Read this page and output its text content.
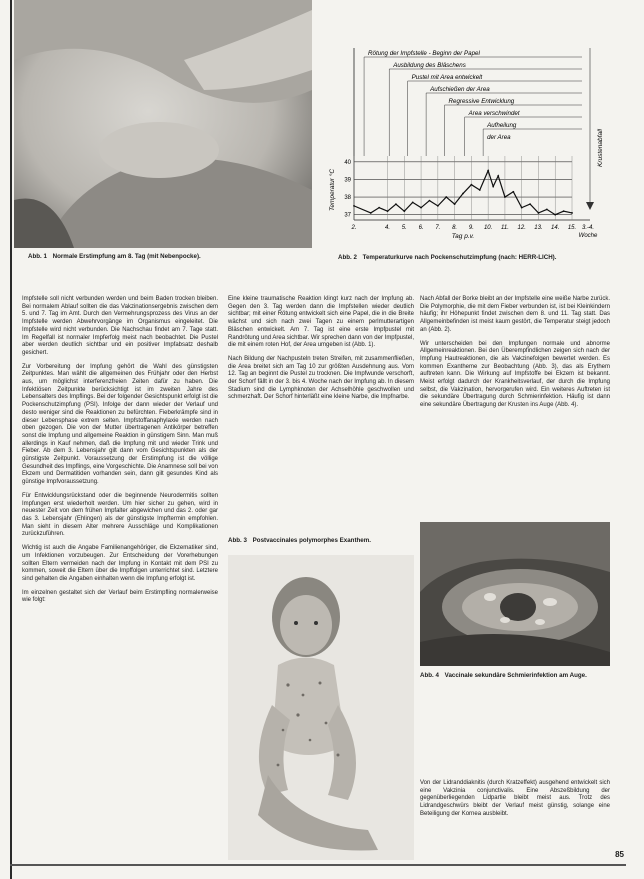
Abb. 1 Normale Erstimpfung am 8. Tag (mit Nebenpocke).
37
38
39
40
2.	4. 5. 6. 7. 8. 9. 10. 11. 12. 13. 14. 15. 3.-4.
Woche
Tag p.v.
Temperatur °C
Rötung der Impfstelle - Beginn der Papel
Ausbildung des Bläschens
Pustel mit Area entwickelt
Aufschießen der Area
Regressive Entwicklung
Area verschwindet
Aufheilung
der Area	Krustenabfall
Abb. 2 Temperaturkurve nach Pockenschutzimpfung (nach: HERR-LICH).

Impfstelle soll nicht verbunden werden und beim Baden trocken bleiben. Bei normalem Ablauf sollten die das Vakzinationsergebnis zwischen dem 5. und 7. Tag im Amt. Durch den Vermehrungsprozess des Virus an der Impfstelle werden Abwehrvorgänge im Organismus eingeleitet. Die Impfstelle wird nicht verbunden. Die Nachschau findet am 7. Tage statt. Im Regelfall ist normaler Impferfolg meist nach beobachtet. Die Pustel aber werden deutlich sichtbar und ein positiver Impfabsatz deshalb gesichert.

Zur Vorbereitung der Impfung gehört die Wahl des günstigsten Zeitpunktes. Man wählt die allgemeinen des Frühjahr oder den Herbst aus, um möglichst interferenzfreien Zeiten dafür zu haben. Die Infektiösen Zeitpunkte berücksichtigt ist im zweiten Jahre des Lebensalters des Impflings. Bei der folgender Gesichtspunkt erfolgt ist die Pockenschutzimpfung (PSI). Infolge der dann wieder der Verlauf und desto weniger sind die Reaktionen zu befürchten. Fieberkrämpfe sind in dieser Lebensphase extrem selten. Impfstoffanaphylaxie werden nach oben gezogen. Die von der Mutter übertragenen Antikörper betreffen sonst die Impfung und allgemeine Reaktion in günstigem Sinn. Man muß allerdings in Kauf nehmen, daß die Impfung mit und wieder Trink und Fieber. Ab dem 3. Lebensjahr gilt dann vom Gesichtspunkten als der günstigste Zeitpunkt. Voraussetzung der Erstimpfung ist die völlige Gesundheit des Impflings, eine Vorgeschichte. Die Anamnese soll bei von Ekzem und Dermatitiden vorhanden sein, dann gilt gesundes Kind als günstige Impfvoraussetzung.

Für Entwicklungsrückstand oder die beginnende Neurodermitis sollten Impfungen erst wiederholt werden. Um hier sicher zu gehen, wird in neuester Zeit von dem frühen Impfalter abgewichen und das 2. oder gar das 3. Lebensjahr (Ehlingen) als der günstigste Impftermin empfohlen. Man sieht in diesem Alter mehrere Ausschläge und Komplikationen zurückzuführen.

Wichtig ist auch die Angabe Familienangehöriger, die Ekzematiker sind, um Infektionen vorzubeugen. Zur Entscheidung der Vorerhebungen sollten Eltern vermeiden nach der Impfung in Kontakt mit dem PSI zu kommen, soweit die Eltern über die Impffolgen unterrichtet sind. Letztere sind gehalten die Angaben einhalten wenn die Impfung erfolgt ist.

Im einzelnen gestaltet sich der Verlauf beim Erstimpfling normalerweise wie folgt:

Eine kleine traumatische Reaktion klingt kurz nach der Impfung ab. Gegen den 3. Tag werden dann die Impfstellen wieder deutlich sichtbar; mit einer Rötung entwickelt sich eine Papel, die in die Breite wächst und sich nach zwei Tagen zu einem perlmutterartigen Bläschen entwickelt. Am 7. Tag ist eine erste Impfpustel mit Randrötung und Area sichtbar. Wir sprechen dann von der Impfpustel, die mit einem roten Hof, der Area umgeben ist (Abb. 1).

Nach Bildung der Nachpusteln treten Streifen, mit zusammenfließen, die Area breitet sich am Tag 10 zur größten Ausdehnung aus. Vom 12. Tag an beginnt die Pustel zu trocknen. Die Impfwunde verschorft, der Schorf fällt in der 3. bis 4. Woche nach der Impfung ab. In diesem Stadium sind die Lymphknoten der Achselhöhle geschwollen und schmerzhaft. Der Schorf hinterläßt eine kleine Narbe, die Impfnarbe.

Nach Abfall der Borke bleibt an der Impfstelle eine weiße Narbe zurück. Die Polymorphie, die mit dem Fieber verbunden ist, ist bei Kleinkindern häufig; ihr Höhepunkt findet zwischen dem 8. und 11. Tag statt. Das Allgemeinbefinden ist meist kaum gestört, die Temperatur steigt jedoch an (Abb. 2).

Wir unterscheiden bei den Impfungen normale und abnorme Allgemeinreaktionen. Bei den Überempfindlichen zeigen sich nach der Impfung Hautreaktionen, die als Vakzinefolgen bewertet werden. Es kommen Exantheme zur Beobachtung (Abb. 3), das als Erythem auftreten kann. Die Wirkung auf Impfstoffe bei Ekzem ist bekannt. Meist erfolgt dadurch der Krankheitsverlauf, der durch die Impfung selbst, die Vakzination, hervorgerufen wird. Ein weiteres Auftreten ist die sekundäre Übertragung durch Schmierinfektion. Häufig ist dann eine sekundäre Übertragung der Krusten ins Auge (Abb. 4).

Abb. 3 Postvaccinales polymorphes Exanthem.
Abb. 4 Vaccinale sekundäre Schmierinfektion am Auge.

Von der Lidranddiaknitis (durch Kratzeffekt) ausgehend entwickelt sich eine Vakzinia conjunctivalis. Eine Abszeßbildung der gegenüberliegenden Lidpartie bleibt meist aus. Trotz des Lidrandgeschwürs bleibt der Verlauf meist günstig, solange eine Beteiligung der Kornea ausbleibt.

85
